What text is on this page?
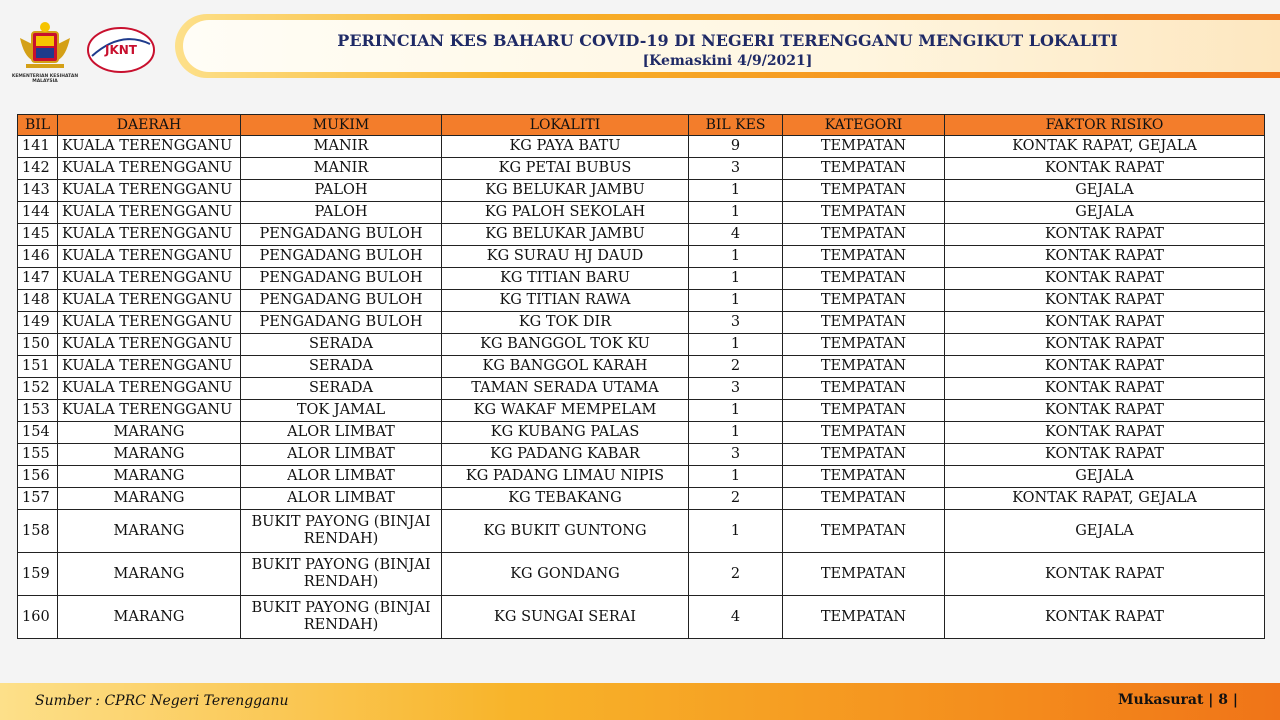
KEMENTERIAN KESIHATAN MALAYSIA
JKNT	PERINCIAN KES BAHARU COVID-19 DI NEGERI TERENGGANU MENGIKUT LOKALITI
[Kemaskini 4/9/2021]
BIL	DAERAH	MUKIM	LOKALITI	BIL KES	KATEGORI	FAKTOR RISIKO
141	KUALA TERENGGANU	MANIR	KG PAYA BATU	9	TEMPATAN	KONTAK RAPAT, GEJALA
142	KUALA TERENGGANU	MANIR	KG PETAI BUBUS	3	TEMPATAN	KONTAK RAPAT
143	KUALA TERENGGANU	PALOH	KG BELUKAR JAMBU	1	TEMPATAN	GEJALA
144	KUALA TERENGGANU	PALOH	KG PALOH SEKOLAH	1	TEMPATAN	GEJALA
145	KUALA TERENGGANU	PENGADANG BULOH	KG BELUKAR JAMBU	4	TEMPATAN	KONTAK RAPAT
146	KUALA TERENGGANU	PENGADANG BULOH	KG SURAU HJ DAUD	1	TEMPATAN	KONTAK RAPAT
147	KUALA TERENGGANU	PENGADANG BULOH	KG TITIAN BARU	1	TEMPATAN	KONTAK RAPAT
148	KUALA TERENGGANU	PENGADANG BULOH	KG TITIAN RAWA	1	TEMPATAN	KONTAK RAPAT
149	KUALA TERENGGANU	PENGADANG BULOH	KG TOK DIR	3	TEMPATAN	KONTAK RAPAT
150	KUALA TERENGGANU	SERADA	KG BANGGOL TOK KU	1	TEMPATAN	KONTAK RAPAT
151	KUALA TERENGGANU	SERADA	KG BANGGOL KARAH	2	TEMPATAN	KONTAK RAPAT
152	KUALA TERENGGANU	SERADA	TAMAN SERADA UTAMA	3	TEMPATAN	KONTAK RAPAT
153	KUALA TERENGGANU	TOK JAMAL	KG WAKAF MEMPELAM	1	TEMPATAN	KONTAK RAPAT
154	MARANG	ALOR LIMBAT	KG KUBANG PALAS	1	TEMPATAN	KONTAK RAPAT
155	MARANG	ALOR LIMBAT	KG PADANG KABAR	3	TEMPATAN	KONTAK RAPAT
156	MARANG	ALOR LIMBAT	KG PADANG LIMAU NIPIS	1	TEMPATAN	GEJALA
157	MARANG	ALOR LIMBAT	KG TEBAKANG	2	TEMPATAN	KONTAK RAPAT, GEJALA
158	MARANG	BUKIT PAYONG (BINJAI RENDAH)	KG BUKIT GUNTONG	1	TEMPATAN	GEJALA
159	MARANG	BUKIT PAYONG (BINJAI RENDAH)	KG GONDANG	2	TEMPATAN	KONTAK RAPAT
160	MARANG	BUKIT PAYONG (BINJAI RENDAH)	KG SUNGAI SERAI	4	TEMPATAN	KONTAK RAPAT
Sumber : CPRC Negeri Terengganu	Mukasurat | 8 |
